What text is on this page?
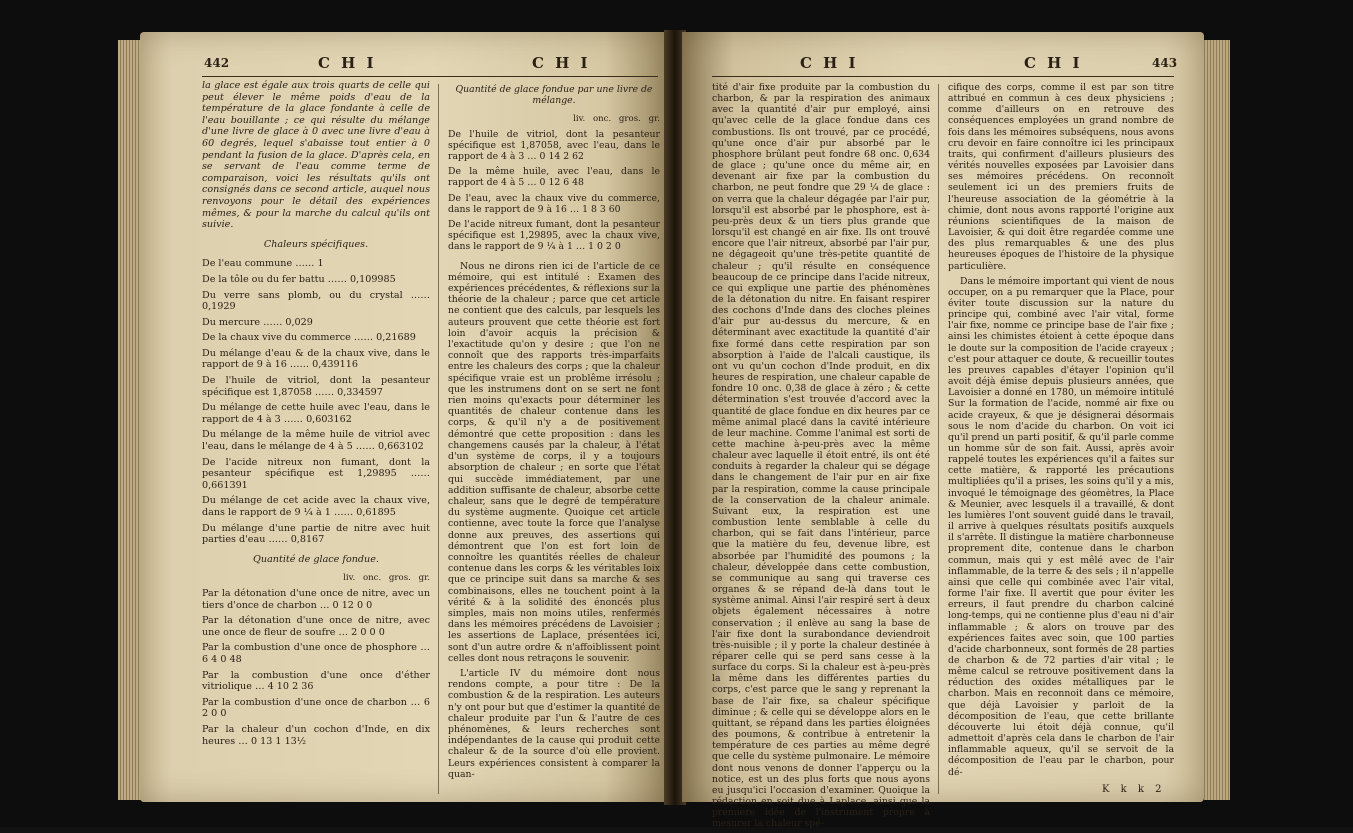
442	C H I	C H I

la glace est égale aux trois quarts de celle qui peut élever le même poids d'eau de la température de la glace fondante à celle de l'eau bouillante ; ce qui résulte du mélange d'une livre de glace à 0 avec une livre d'eau à 60 degrés, lequel s'abaisse tout entier à 0 pendant la fusion de la glace. D'après cela, en se servant de l'eau comme terme de comparaison, voici les résultats qu'ils ont consignés dans ce second article, auquel nous renvoyons pour le détail des expériences mêmes, & pour la marche du calcul qu'ils ont suivie.

Chaleurs spécifiques.

De l'eau commune …… 1
De la tôle ou du fer battu …… 0,109985
Du verre sans plomb, ou du crystal …… 0,1929
Du mercure …… 0,029
De la chaux vive du commerce …… 0,21689
Du mélange d'eau & de la chaux vive, dans le rapport de 9 à 16 …… 0,439116
De l'huile de vitriol, dont la pesanteur spécifique est 1,87058 …… 0,334597
Du mélange de cette huile avec l'eau, dans le rapport de 4 à 3 …… 0,603162
Du mélange de la même huile de vitriol avec l'eau, dans le mélange de 4 à 5 …… 0,663102
De l'acide nitreux non fumant, dont la pesanteur spécifique est 1,29895 …… 0,661391
Du mélange de cet acide avec la chaux vive, dans le rapport de 9 ¼ à 1 …… 0,61895
Du mélange d'une partie de nitre avec huit parties d'eau …… 0,8167

Quantité de glace fondue.

liv. onc. gros. gr.
Par la détonation d'une once de nitre, avec un tiers d'once de charbon … 0 12 0 0
Par la détonation d'une once de nitre, avec une once de fleur de soufre … 2 0 0 0
Par la combustion d'une once de phosphore … 6 4 0 48
Par la combustion d'une once d'éther vitriolique … 4 10 2 36
Par la combustion d'une once de charbon … 6 2 0 0
Par la chaleur d'un cochon d'Inde, en dix heures … 0 13 1 13½

Quantité de glace fondue par une livre de mélange.

liv. onc. gros. gr.
De l'huile de vitriol, dont la pesanteur spécifique est 1,87058, avec l'eau, dans le rapport de 4 à 3 … 0 14 2 62
De la même huile, avec l'eau, dans le rapport de 4 à 5 … 0 12 6 48
De l'eau, avec la chaux vive du commerce, dans le rapport de 9 à 16 … 1 8 3 60
De l'acide nitreux fumant, dont la pesanteur spécifique est 1,29895, avec la chaux vive, dans le rapport de 9 ¼ à 1 … 1 0 2 0

Nous ne dirons rien ici de l'article de ce mémoire, qui est intitulé : Examen des expériences précédentes, & réflexions sur la théorie de la chaleur ; parce que cet article ne contient que des calculs, par lesquels les auteurs prouvent que cette théorie est fort loin d'avoir acquis la précision & l'exactitude qu'on y desire ; que l'on ne connoît que des rapports très-imparfaits entre les chaleurs des corps ; que la chaleur spécifique vraie est un problême irrésolu ; que les instrumens dont on se sert ne font rien moins qu'exacts pour déterminer les quantités de chaleur contenue dans les corps, & qu'il n'y a de positivement démontré que cette proposition : dans les changemens causés par la chaleur, à l'état d'un système de corps, il y a toujours absorption de chaleur ; en sorte que l'état qui succède immédiatement, par une addition suffisante de chaleur, absorbe cette chaleur, sans que le degré de température du système augmente. Quoique cet article contienne, avec toute la force que l'analyse donne aux preuves, des assertions qui démontrent que l'on est fort loin de connoître les quantités réelles de chaleur contenue dans les corps & les véritables loix que ce principe suit dans sa marche & ses combinaisons, elles ne touchent point à la vérité & à la solidité des énoncés plus simples, mais non moins utiles, renfermés dans les mémoires précédens de Lavoisier ; les assertions de Laplace, présentées ici, sont d'un autre ordre & n'affoiblissent point celles dont nous retraçons le souvenir.

L'article IV du mémoire dont nous rendons compte, a pour titre : De la combustion & de la respiration. Les auteurs n'y ont pour but que d'estimer la quantité de chaleur produite par l'un & l'autre de ces phénomènes, & leurs recherches sont indépendantes de la cause qui produit cette chaleur & de la source d'où elle provient. Leurs expériences consistent à comparer la quan-

C H I	C H I	443

tité d'air fixe produite par la combustion du charbon, & par la respiration des animaux avec la quantité d'air pur employé, ainsi qu'avec celle de la glace fondue dans ces combustions. Ils ont trouvé, par ce procédé, qu'une once d'air pur absorbé par le phosphore brûlant peut fondre 68 onc. 0,634 de glace ; qu'une once du même air, en devenant air fixe par la combustion du charbon, ne peut fondre que 29 ¼ de glace : on verra que la chaleur dégagée par l'air pur, lorsqu'il est absorbé par le phosphore, est à-peu-près deux & un tiers plus grande que lorsqu'il est changé en air fixe. Ils ont trouvé encore que l'air nitreux, absorbé par l'air pur, ne dégageoit qu'une très-petite quantité de chaleur ; qu'il résulte en conséquence beaucoup de ce principe dans l'acide nitreux, ce qui explique une partie des phénomènes de la détonation du nitre. En faisant respirer des cochons d'Inde dans des cloches pleines d'air pur au-dessus du mercure, & en déterminant avec exactitude la quantité d'air fixe formé dans cette respiration par son absorption à l'aide de l'alcali caustique, ils ont vu qu'un cochon d'Inde produit, en dix heures de respiration, une chaleur capable de fondre 10 onc. 0,38 de glace à zéro ; & cette détermination s'est trouvée d'accord avec la quantité de glace fondue en dix heures par ce même animal placé dans la cavité intérieure de leur machine. Comme l'animal est sorti de cette machine à-peu-près avec la même chaleur avec laquelle il étoit entré, ils ont été conduits à regarder la chaleur qui se dégage dans le changement de l'air pur en air fixe par la respiration, comme la cause principale de la conservation de la chaleur animale. Suivant eux, la respiration est une combustion lente semblable à celle du charbon, qui se fait dans l'intérieur, parce que la matière du feu, devenue libre, est absorbée par l'humidité des poumons ; la chaleur, développée dans cette combustion, se communique au sang qui traverse ces organes & se répand de-là dans tout le système animal. Ainsi l'air respiré sert à deux objets également nécessaires à notre conservation ; il enlève au sang la base de l'air fixe dont la surabondance deviendroit très-nuisible ; il y porte la chaleur destinée à réparer celle qui se perd sans cesse à la surface du corps. Si la chaleur est à-peu-près la même dans les différentes parties du corps, c'est parce que le sang y reprenant la base de l'air fixe, sa chaleur spécifique diminue ; & celle qui se développe alors en le quittant, se répand dans les parties éloignées des poumons, & contribue à entretenir la température de ces parties au même degré que celle du système pulmonaire. Le mémoire dont nous venons de donner l'apperçu ou la notice, est un des plus forts que nous ayons eu jusqu'ici l'occasion d'examiner. Quoique la rédaction en soit due à Laplace, ainsi que la première idée de l'instrument propre à mesurer la chaleur spé-

cifique des corps, comme il est par son titre attribué en commun à ces deux physiciens ; comme d'ailleurs on en retrouve des conséquences employées un grand nombre de fois dans les mémoires subséquens, nous avons cru devoir en faire connoître ici les principaux traits, qui confirment d'ailleurs plusieurs des vérités nouvelles exposées par Lavoisier dans ses mémoires précédens. On reconnoît seulement ici un des premiers fruits de l'heureuse association de la géométrie à la chimie, dont nous avons rapporté l'origine aux réunions scientifiques de la maison de Lavoisier, & qui doit être regardée comme une des plus remarquables & une des plus heureuses époques de l'histoire de la physique particulière.

Dans le mémoire important qui vient de nous occuper, on a pu remarquer que la Place, pour éviter toute discussion sur la nature du principe qui, combiné avec l'air vital, forme l'air fixe, nomme ce principe base de l'air fixe ; ainsi les chimistes étoient à cette époque dans le doute sur la composition de l'acide crayeux ; c'est pour attaquer ce doute, & recueillir toutes les preuves capables d'étayer l'opinion qu'il avoit déjà émise depuis plusieurs années, que Lavoisier a donné en 1780, un mémoire intitulé Sur la formation de l'acide, nommé air fixe ou acide crayeux, & que je désignerai désormais sous le nom d'acide du charbon. On voit ici qu'il prend un parti positif, & qu'il parle comme un homme sûr de son fait. Aussi, après avoir rappelé toutes les expériences qu'il a faites sur cette matière, & rapporté les précautions multipliées qu'il a prises, les soins qu'il y a mis, invoqué le témoignage des géomètres, la Place & Meunier, avec lesquels il a travaillé, & dont les lumières l'ont souvent guidé dans le travail, il arrive à quelques résultats positifs auxquels il s'arrête. Il distingue la matière charbonneuse proprement dite, contenue dans le charbon commun, mais qui y est mêlé avec de l'air inflammable, de la terre & des sels ; il n'appelle ainsi que celle qui combinée avec l'air vital, forme l'air fixe. Il avertit que pour éviter les erreurs, il faut prendre du charbon calciné long-temps, qui ne contienne plus d'eau ni d'air inflammable ; & alors on trouve par des expériences faites avec soin, que 100 parties d'acide charbonneux, sont formés de 28 parties de charbon & de 72 parties d'air vital ; le même calcul se retrouve positivement dans la réduction des oxides métalliques par le charbon. Mais en reconnoit dans ce mémoire, que déjà Lavoisier y parloit de la décomposition de l'eau, que cette brillante découverte lui étoit déjà connue, qu'il admettoit d'après cela dans le charbon de l'air inflammable aqueux, qu'il se servoit de la décomposition de l'eau par le charbon, pour dé-

K k k 2
